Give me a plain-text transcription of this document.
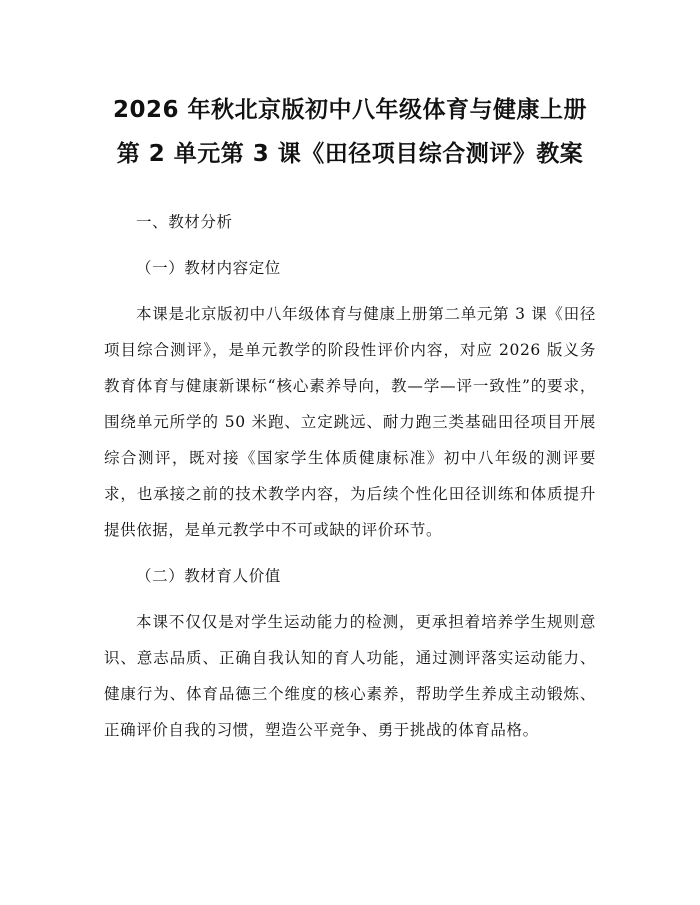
2026 年秋北京版初中八年级体育与健康上册
第 2 单元第 3 课《田径项目综合测评》教案

一、教材分析

（一）教材内容定位

本课是北京版初中八年级体育与健康上册第二单元第 3 课《田径项目综合测评》，是单元教学的阶段性评价内容，对应 2026 版义务教育体育与健康新课标“核心素养导向，教—学—评一致性”的要求，围绕单元所学的 50 米跑、立定跳远、耐力跑三类基础田径项目开展综合测评，既对接《国家学生体质健康标准》初中八年级的测评要求，也承接之前的技术教学内容，为后续个性化田径训练和体质提升提供依据，是单元教学中不可或缺的评价环节。

（二）教材育人价值

本课不仅仅是对学生运动能力的检测，更承担着培养学生规则意识、意志品质、正确自我认知的育人功能，通过测评落实运动能力、健康行为、体育品德三个维度的核心素养，帮助学生养成主动锻炼、正确评价自我的习惯，塑造公平竞争、勇于挑战的体育品格。
